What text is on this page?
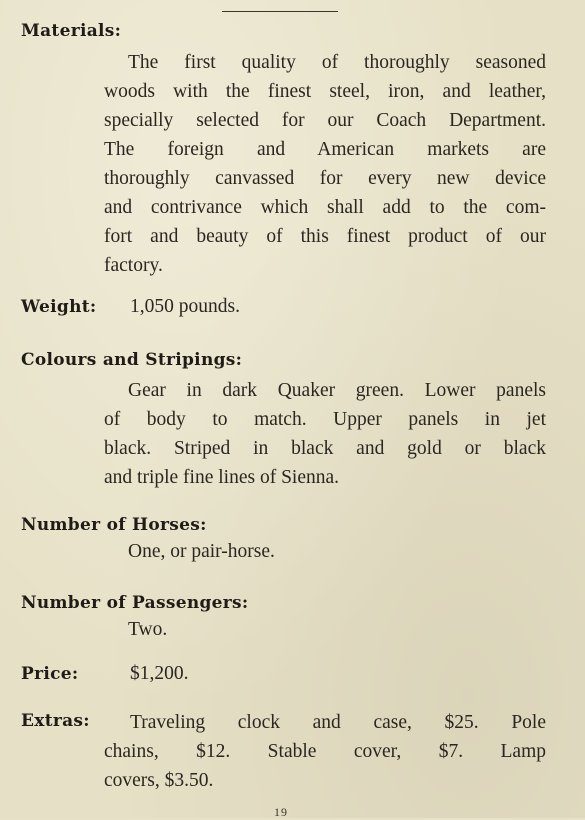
Materials:
The first quality of thoroughly seasoned
woods with the finest steel, iron, and leather,
specially selected for our Coach Department.
The foreign and American markets are
thoroughly canvassed for every new device
and contrivance which shall add to the com-
fort and beauty of this finest product of our
factory.
Weight: 1,050 pounds.
Colours and Stripings:
Gear in dark Quaker green. Lower panels
of body to match. Upper panels in jet
black. Striped in black and gold or black
and triple fine lines of Sienna.
Number of Horses:
One, or pair-horse.
Number of Passengers:
Two.
Price:	$1,200.
Extras: Traveling clock and case, $25. Pole
chains, $12. Stable cover, $7. Lamp
covers, $3.50.
19
